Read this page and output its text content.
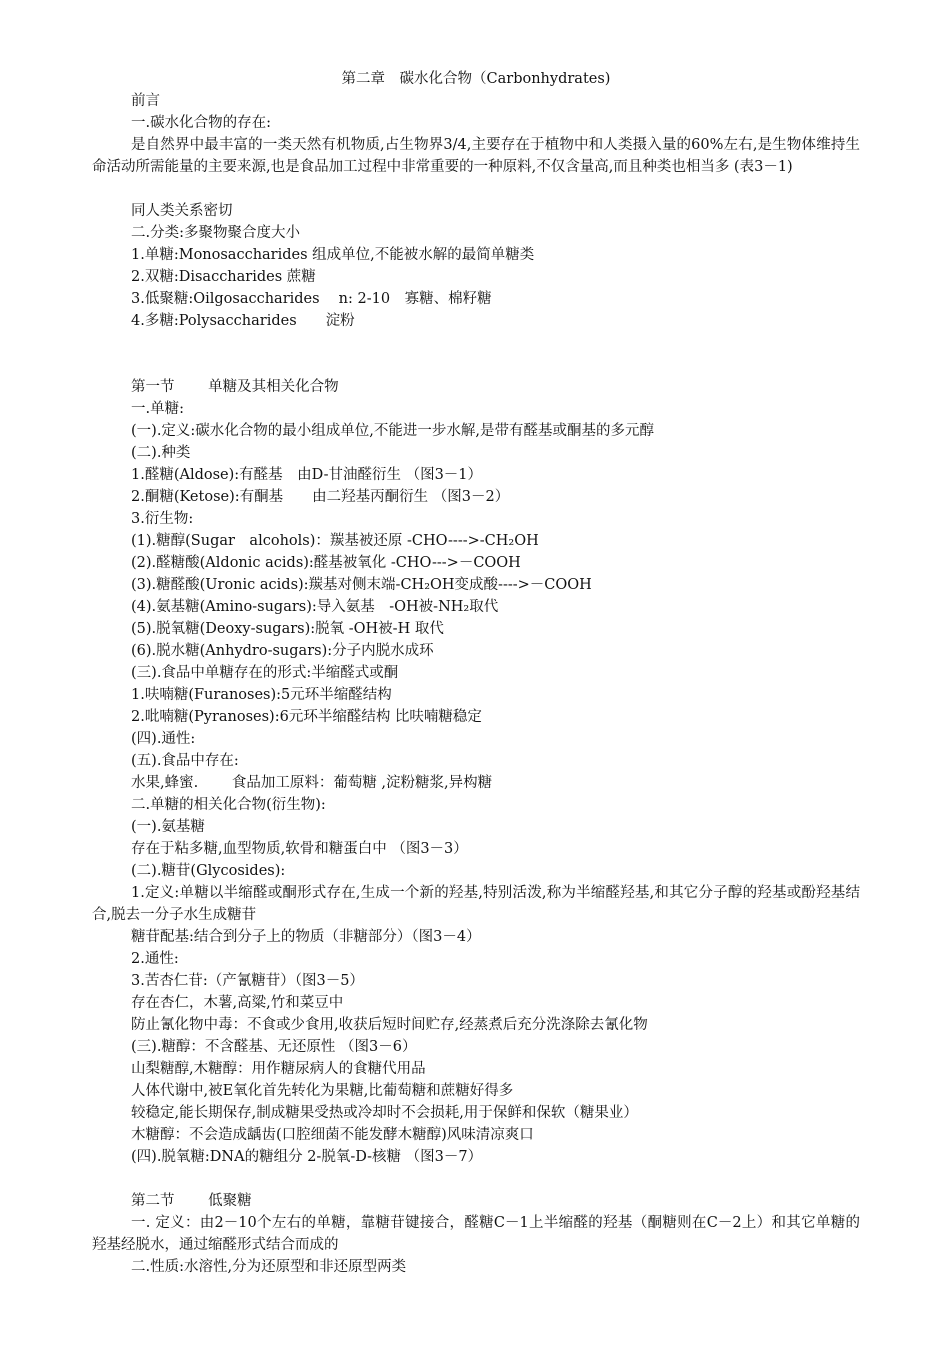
第二章　碳水化合物（Carbonhydrates)
前言
一.碳水化合物的存在:
是自然界中最丰富的一类天然有机物质,占生物界3/4,主要存在于植物中和人类摄入量的60%左右,是生物体维持生命活动所需能量的主要来源,也是食品加工过程中非常重要的一种原料,不仅含量高,而且种类也相当多 (表3－1)
同人类关系密切
二.分类:多聚物聚合度大小
1.单糖:Monosaccharides 组成单位,不能被水解的最简单糖类
2.双糖:Disaccharides 蔗糖
3.低聚糖:Oilgosaccharides　 n: 2-10　寡糖、棉籽糖
4.多糖:Polysaccharides　　淀粉
第一节　　 单糖及其相关化合物
一.单糖:
(一).定义:碳水化合物的最小组成单位,不能进一步水解,是带有醛基或酮基的多元醇
(二).种类
1.醛糖(Aldose):有醛基　由D-甘油醛衍生 （图3－1）
2.酮糖(Ketose):有酮基　　由二羟基丙酮衍生 （图3－2）
3.衍生物:
(1).糖醇(Sugar　alcohols)：羰基被还原 -CHO---->-CH₂OH
(2).醛糖酸(Aldonic acids):醛基被氧化 -CHO--->－COOH
(3).糖醛酸(Uronic acids):羰基对侧末端-CH₂OH变成酸---->－COOH
(4).氨基糖(Amino-sugars):导入氨基　-OH被-NH₂取代
(5).脱氧糖(Deoxy-sugars):脱氧 -OH被-H 取代
(6).脱水糖(Anhydro-sugars):分子内脱水成环
(三).食品中单糖存在的形式:半缩醛式或酮
1.呋喃糖(Furanoses):5元环半缩醛结构
2.吡喃糖(Pyranoses):6元环半缩醛结构 比呋喃糖稳定
(四).通性:
(五).食品中存在:
水果,蜂蜜.　　 食品加工原料：葡萄糖 ,淀粉糖浆,异构糖
二.单糖的相关化合物(衍生物):
(一).氨基糖
存在于粘多糖,血型物质,软骨和糖蛋白中 （图3－3）
(二).糖苷(Glycosides):
1.定义:单糖以半缩醛或酮形式存在,生成一个新的羟基,特别活泼,称为半缩醛羟基,和其它分子醇的羟基或酚羟基结合,脱去一分子水生成糖苷
糖苷配基:结合到分子上的物质（非糖部分）（图3－4）
2.通性:
3.苦杏仁苷:（产氰糖苷）（图3－5）
存在杏仁，木薯,高粱,竹和菜豆中
防止氰化物中毒：不食或少食用,收获后短时间贮存,经蒸煮后充分洗涤除去氰化物
(三).糖醇：不含醛基、无还原性 （图3－6）
山梨糖醇,木糖醇：用作糖尿病人的食糖代用品
人体代谢中,被E氧化首先转化为果糖,比葡萄糖和蔗糖好得多
较稳定,能长期保存,制成糖果受热或冷却时不会损耗,用于保鲜和保软（糖果业）
木糖醇：不会造成龋齿(口腔细菌不能发酵木糖醇)风味清凉爽口
(四).脱氧糖:DNA的糖组分 2-脱氧-D-核糖 （图3－7）
第二节　　 低聚糖
一. 定义：由2－10个左右的单糖，靠糖苷键接合，醛糖C－1上半缩醛的羟基（酮糖则在C－2上）和其它单糖的羟基经脱水，通过缩醛形式结合而成的
二.性质:水溶性,分为还原型和非还原型两类
